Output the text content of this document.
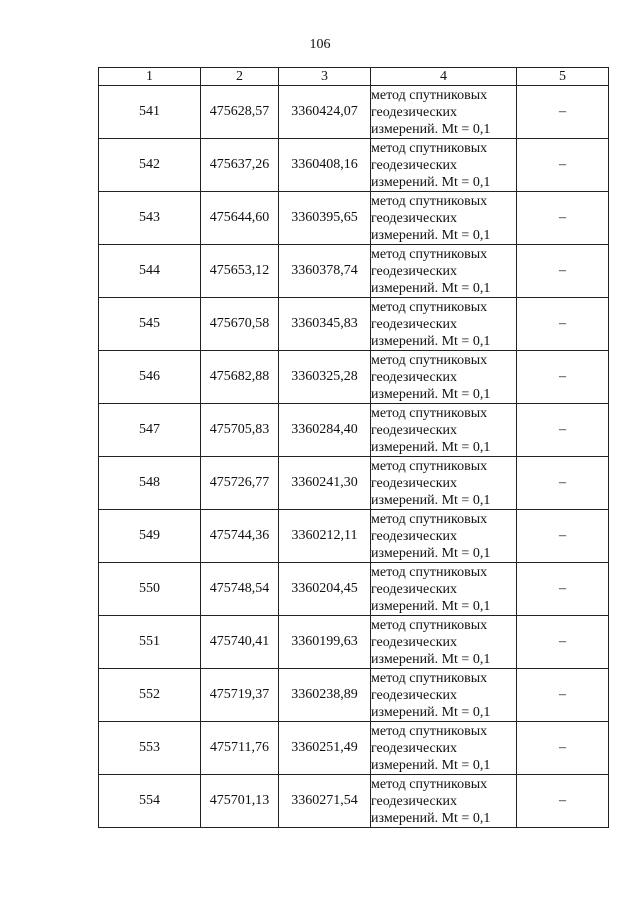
106
1	2	3	4	5
541	475628,57	3360424,07	метод спутниковых
геодезических
измерений. Mt = 0,1	–
542	475637,26	3360408,16	метод спутниковых
геодезических
измерений. Mt = 0,1	–
543	475644,60	3360395,65	метод спутниковых
геодезических
измерений. Mt = 0,1	–
544	475653,12	3360378,74	метод спутниковых
геодезических
измерений. Mt = 0,1	–
545	475670,58	3360345,83	метод спутниковых
геодезических
измерений. Mt = 0,1	–
546	475682,88	3360325,28	метод спутниковых
геодезических
измерений. Mt = 0,1	–
547	475705,83	3360284,40	метод спутниковых
геодезических
измерений. Mt = 0,1	–
548	475726,77	3360241,30	метод спутниковых
геодезических
измерений. Mt = 0,1	–
549	475744,36	3360212,11	метод спутниковых
геодезических
измерений. Mt = 0,1	–
550	475748,54	3360204,45	метод спутниковых
геодезических
измерений. Mt = 0,1	–
551	475740,41	3360199,63	метод спутниковых
геодезических
измерений. Mt = 0,1	–
552	475719,37	3360238,89	метод спутниковых
геодезических
измерений. Mt = 0,1	–
553	475711,76	3360251,49	метод спутниковых
геодезических
измерений. Mt = 0,1	–
554	475701,13	3360271,54	метод спутниковых
геодезических
измерений. Mt = 0,1	–
